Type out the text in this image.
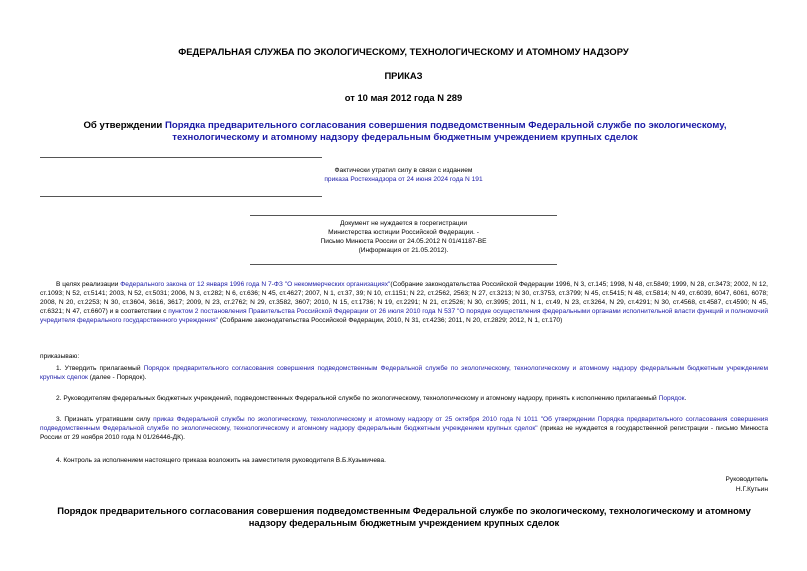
ФЕДЕРАЛЬНАЯ СЛУЖБА ПО ЭКОЛОГИЧЕСКОМУ, ТЕХНОЛОГИЧЕСКОМУ И АТОМНОМУ НАДЗОРУ
ПРИКАЗ
от 10 мая 2012 года N 289
Об утверждении Порядка предварительного согласования совершения подведомственным Федеральной службе по экологическому, технологическому и атомному надзору федеральным бюджетным учреждением крупных сделок
Фактически утратил силу в связи с изданием
приказа Ростехнадзора от 24 июня 2024 года N 191
Документ не нуждается в госрегистрации
Министерства юстиции Российской Федерации. -
Письмо Минюста России от 24.05.2012 N 01/41187-ВЕ
(Информация от 21.05.2012).
В целях реализации Федерального закона от 12 января 1996 года N 7-ФЗ "О некоммерческих организациях"(Собрание законодательства Российской Федерации 1996, N 3, ст.145; 1998, N 48, ст.5849; 1999, N 28, ст.3473; 2002, N 12, ст.1093; N 52, ст.5141; 2003, N 52, ст.5031; 2006, N 3, ст.282; N 6, ст.636; N 45, ст.4627; 2007, N 1, ст.37, 39; N 10, ст.1151; N 22, ст.2562, 2563; N 27, ст.3213; N 30, ст.3753, ст.3799; N 45, ст.5415; N 48, ст.5814; N 49, ст.6039, 6047, 6061, 6078; 2008, N 20, ст.2253; N 30, ст.3604, 3616, 3617; 2009, N 23, ст.2762; N 29, ст.3582, 3607; 2010, N 15, ст.1736; N 19, ст.2291; N 21, ст.2526; N 30, ст.3995; 2011, N 1, ст.49, N 23, ст.3264, N 29, ст.4291; N 30, ст.4568, ст.4587, ст.4590; N 45, ст.6321; N 47, ст.6607) и в соответствии с пунктом 2 постановления Правительства Российской Федерации от 26 июля 2010 года N 537 "О порядке осуществления федеральными органами исполнительной власти функций и полномочий учредителя федерального государственного учреждения" (Собрание законодательства Российской Федерации, 2010, N 31, ст.4236; 2011, N 20, ст.2829; 2012, N 1, ст.170)
приказываю:
1. Утвердить прилагаемый Порядок предварительного согласования совершения подведомственным Федеральной службе по экологическому, технологическому и атомному надзору федеральным бюджетным учреждением крупных сделок (далее - Порядок).
2. Руководителям федеральных бюджетных учреждений, подведомственных Федеральной службе по экологическому, технологическому и атомному надзору, принять к исполнению прилагаемый Порядок.
3. Признать утратившим силу приказ Федеральной службы по экологическому, технологическому и атомному надзору от 25 октября 2010 года N 1011 "Об утверждении Порядка предварительного согласования совершения подведомственным Федеральной службе по экологическому, технологическому и атомному надзору федеральным бюджетным учреждением крупных сделок" (приказ не нуждается в государственной регистрации - письмо Минюста России от 29 ноября 2010 года N 01/26446-ДК).
4. Контроль за исполнением настоящего приказа возложить на заместителя руководителя В.Б.Кузьмичева.
Руководитель
Н.Г.Кутьин
Порядок предварительного согласования совершения подведомственным Федеральной службе по экологическому, технологическому и атомному надзору федеральным бюджетным учреждением крупных сделок
